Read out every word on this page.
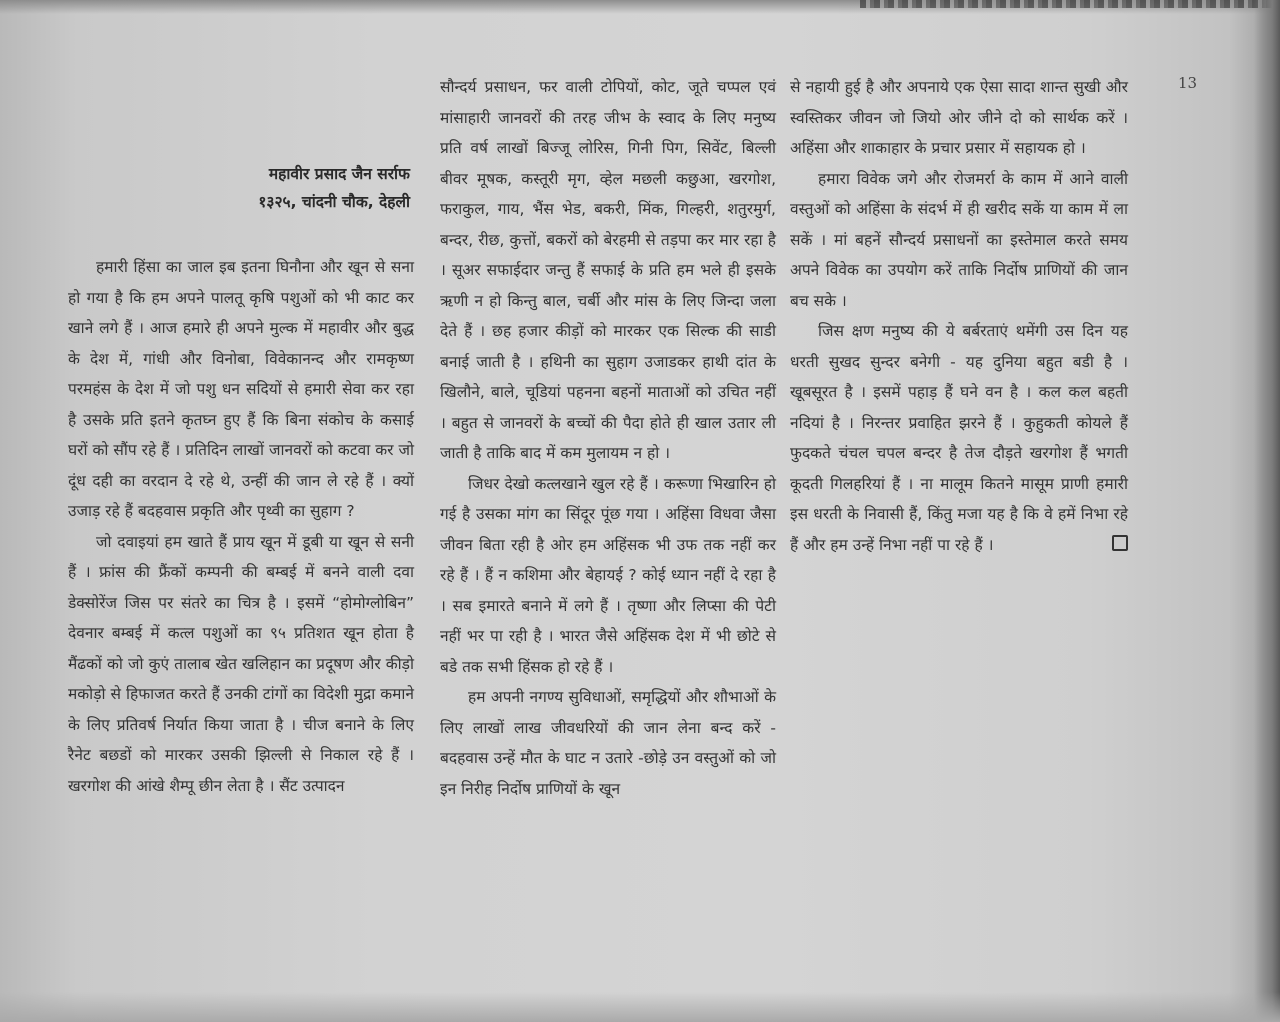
13
महावीर प्रसाद जैन सर्राफ
१३२५, चांदनी चौक, देहली

हमारी हिंसा का जाल इब इतना घिनौना और खून से सना हो गया है कि हम अपने पालतू कृषि पशुओं को भी काट कर खाने लगे हैं । आज हमारे ही अपने मुल्क में महावीर और बुद्ध के देश में, गांधी और विनोबा, विवेकानन्द और रामकृष्ण परमहंस के देश में जो पशु धन सदियों से हमारी सेवा कर रहा है उसके प्रति इतने कृतघ्न हुए हैं कि बिना संकोच के कसाई घरों को सौंप रहे हैं । प्रतिदिन लाखों जानवरों को कटवा कर जो दूंध दही का वरदान दे रहे थे, उन्हीं की जान ले रहे हैं । क्यों उजाड़ रहे हैं बदहवास प्रकृति और पृथ्वी का सुहाग ?

जो दवाइयां हम खाते हैं प्राय खून में डूबी या खून से सनी हैं । फ्रांस की फ्रैंकों कम्पनी की बम्बई में बनने वाली दवा डेक्सोरेंज जिस पर संतरे का चित्र है । इसमें “होमोग्लोबिन” देवनार बम्बई में कत्ल पशुओं का ९५ प्रतिशत खून होता है मैंढकों को जो कुएं तालाब खेत खलिहान का प्रदूषण और कीड़ो मकोड़ो से हिफाजत करते हैं उनकी टांगों का विदेशी मुद्रा कमाने के लिए प्रतिवर्ष निर्यात किया जाता है । चीज बनाने के लिए रैनेट बछडों को मारकर उसकी झिल्ली से निकाल रहे हैं । खरगोश की आंखे शैम्पू छीन लेता है । सैंट उत्पादन

सौन्दर्य प्रसाधन, फर वाली टोपियों, कोट, जूते चप्पल एवं मांसाहारी जानवरों की तरह जीभ के स्वाद के लिए मनुष्य प्रति वर्ष लाखों बिज्जू लोरिस, गिनी पिग, सिवेंट, बिल्ली बीवर मूषक, कस्तूरी मृग, व्हेल मछली कछुआ, खरगोश, फराकुल, गाय, भैंस भेड, बकरी, मिंक, गिल्हरी, शतुरमुर्ग, बन्दर, रीछ, कुत्तों, बकरों को बेरहमी से तड़पा कर मार रहा है । सूअर सफाईदार जन्तु हैं सफाई के प्रति हम भले ही इसके ऋणी न हो किन्तु बाल, चर्बी और मांस के लिए जिन्दा जला देते हैं । छह हजार कीड़ों को मारकर एक सिल्क की साडी बनाई जाती है । हथिनी का सुहाग उजाडकर हाथी दांत के खिलौने, बाले, चूडियां पहनना बहनों माताओं को उचित नहीं । बहुत से जानवरों के बच्चों की पैदा होते ही खाल उतार ली जाती है ताकि बाद में कम मुलायम न हो ।

जिधर देखो कत्लखाने खुल रहे हैं । करूणा भिखारिन हो गई है उसका मांग का सिंदूर पूंछ गया । अहिंसा विधवा जैसा जीवन बिता रही है ओर हम अहिंसक भी उफ तक नहीं कर रहे हैं । हैं न कशिमा और बेहायई ? कोई ध्यान नहीं दे रहा है । सब इमारते बनाने में लगे हैं । तृष्णा और लिप्सा की पेटी नहीं भर पा रही है । भारत जैसे अहिंसक देश में भी छोटे से बडे तक सभी हिंसक हो रहे हैं ।

हम अपनी नगण्य सुविधाओं, समृद्धियों और शौभाओं के लिए लाखों लाख जीवधरियों की जान लेना बन्द करें - बदहवास उन्हें मौत के घाट न उतारे -छोड़े उन वस्तुओं को जो इन निरीह निर्दोष प्राणियों के खून

से नहायी हुई है और अपनाये एक ऐसा सादा शान्त सुखी और स्वस्तिकर जीवन जो जियो ओर जीने दो को सार्थक करें । अहिंसा और शाकाहार के प्रचार प्रसार में सहायक हो ।

हमारा विवेक जगे और रोजमर्रा के काम में आने वाली वस्तुओं को अहिंसा के संदर्भ में ही खरीद सकें या काम में ला सकें । मां बहनें सौन्दर्य प्रसाधनों का इस्तेमाल करते समय अपने विवेक का उपयोग करें ताकि निर्दोष प्राणियों की जान बच सके ।

जिस क्षण मनुष्य की ये बर्बरताएं थमेंगी उस दिन यह धरती सुखद सुन्दर बनेगी - यह दुनिया बहुत बडी है । खूबसूरत है । इसमें पहाड़ हैं घने वन है । कल कल बहती नदियां है । निरन्तर प्रवाहित झरने हैं । कुहुकती कोयले हैं फुदकते चंचल चपल बन्दर है तेज दौड़ते खरगोश हैं भगती कूदती गिलहरियां हैं । ना मालूम कितने मासूम प्राणी हमारी इस धरती के निवासी हैं, किंतु मजा यह है कि वे हमें निभा रहे हैं और हम उन्हें निभा नहीं पा रहे हैं ।
